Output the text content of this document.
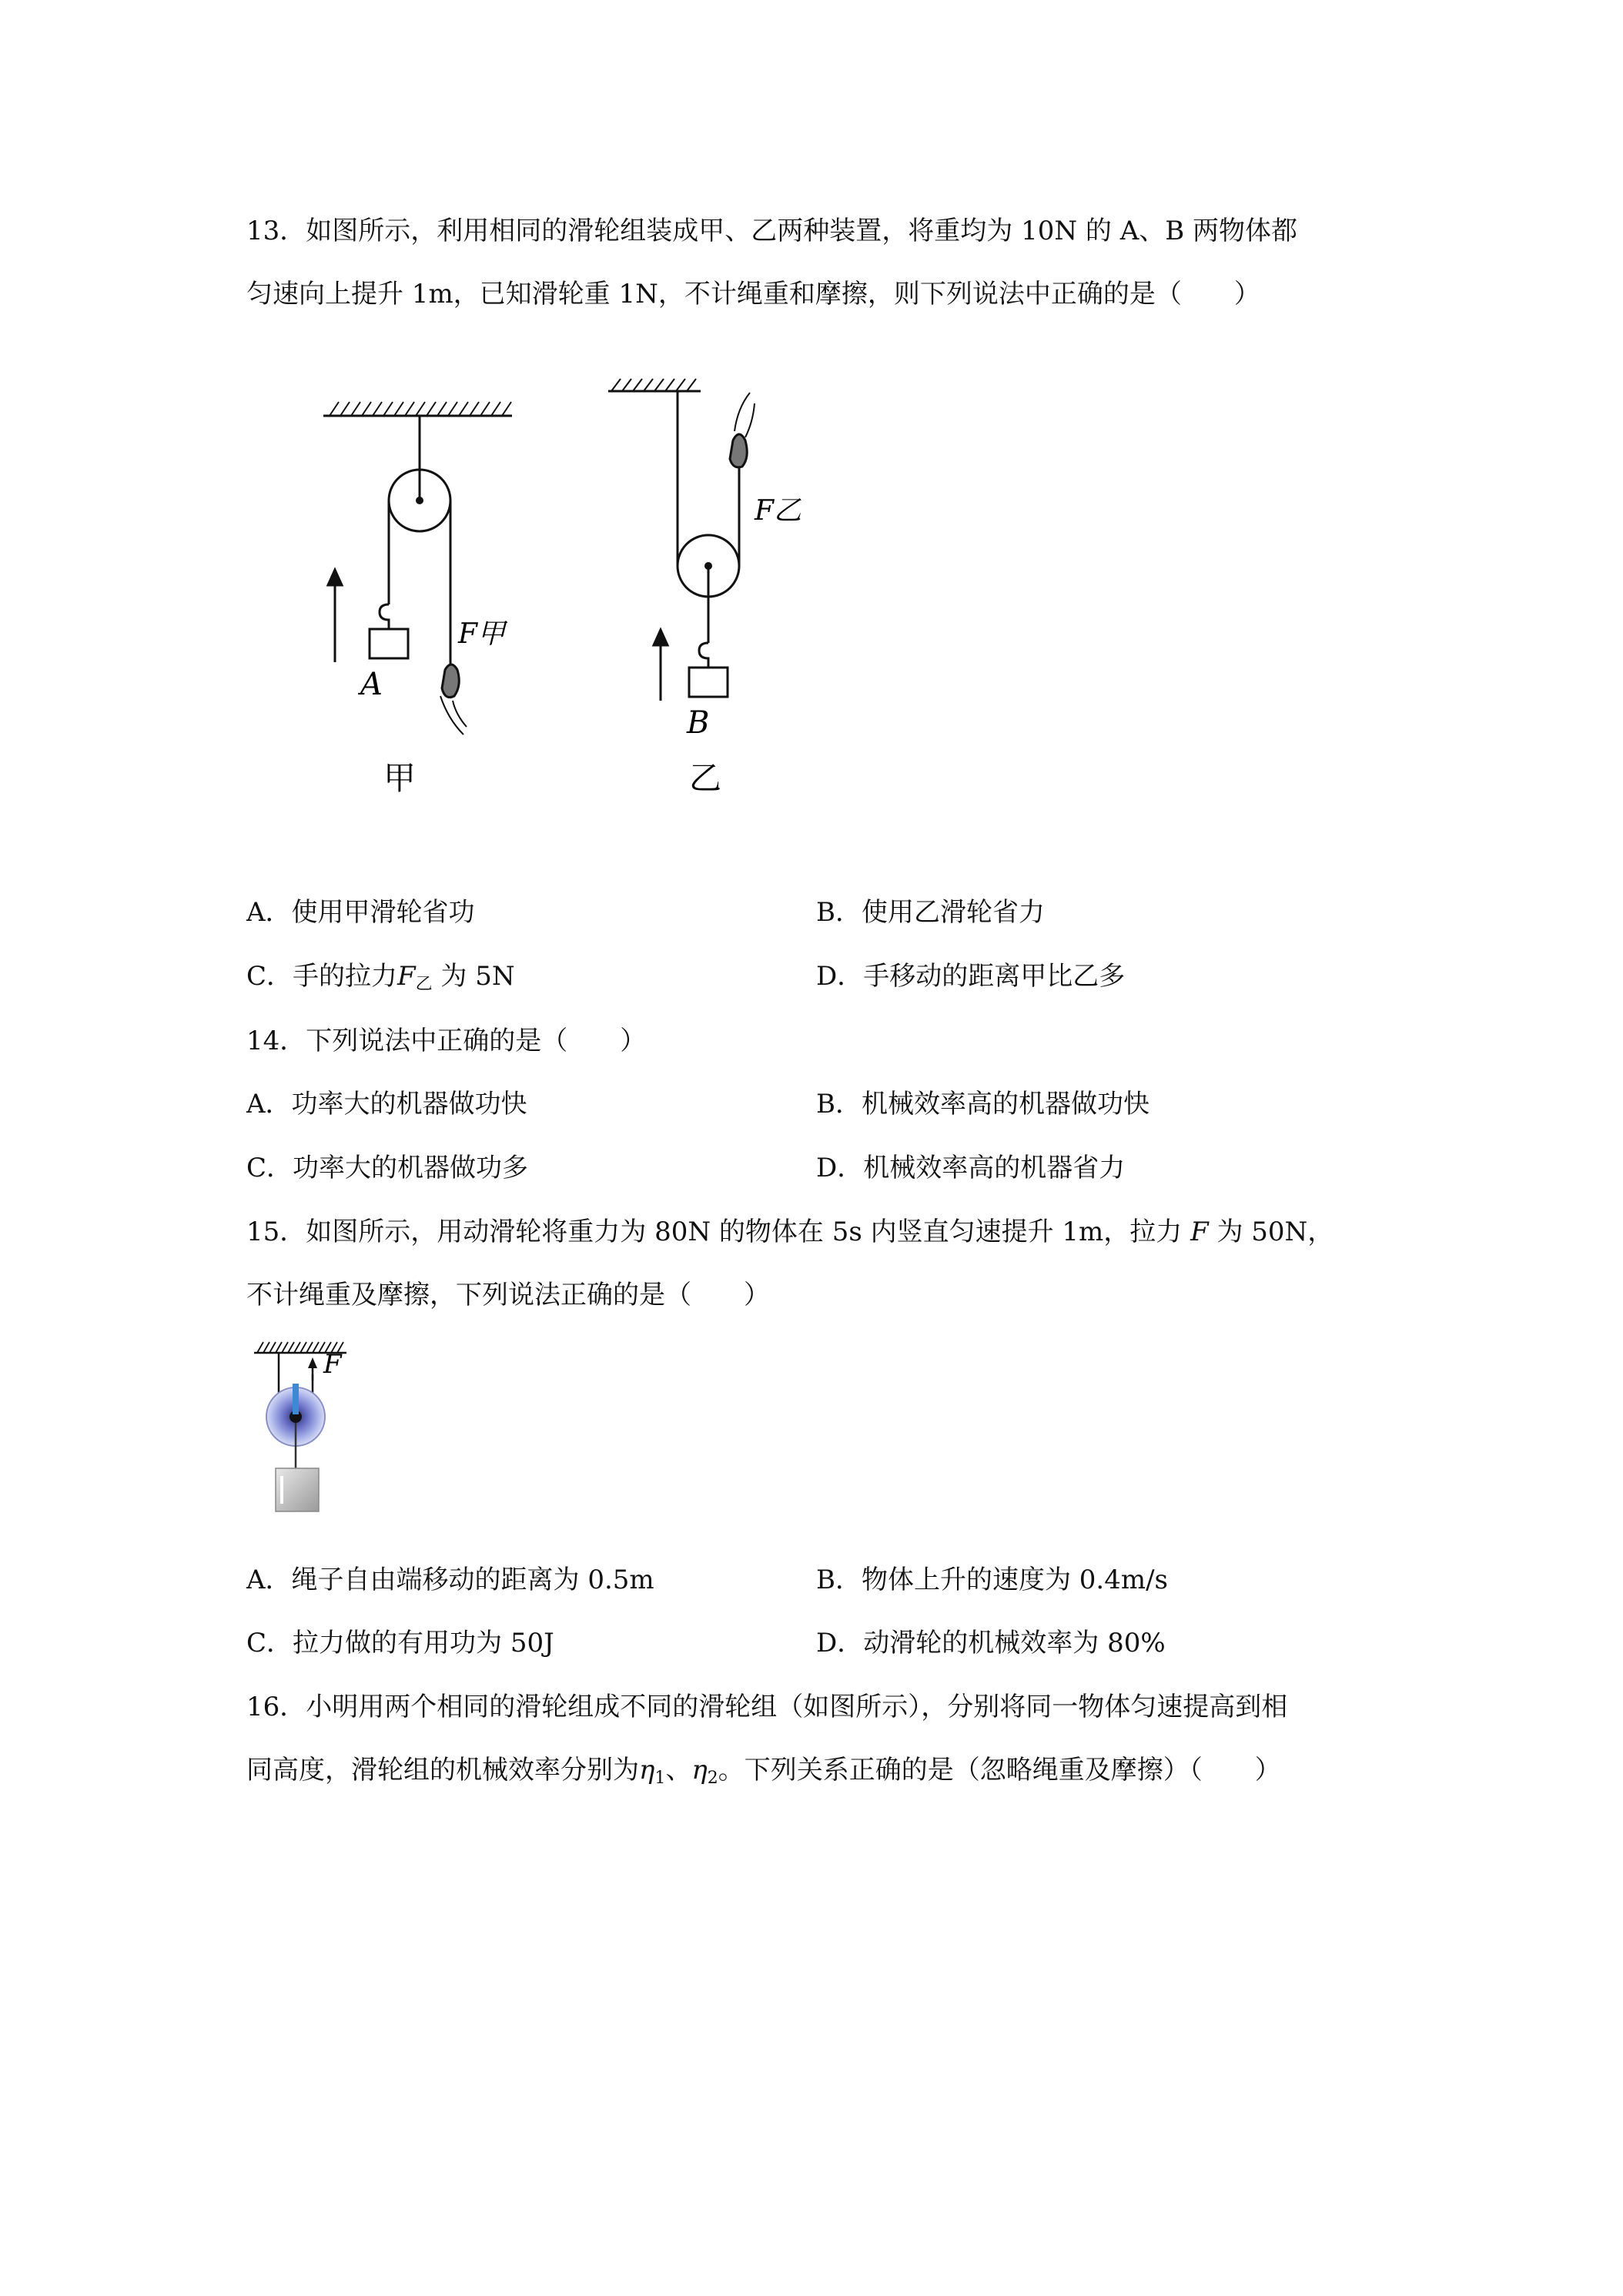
13．如图所示，利用相同的滑轮组装成甲、乙两种装置，将重均为 10N 的 A、B 两物体都
匀速向上提升 1m，已知滑轮重 1N，不计绳重和摩擦，则下列说法中正确的是（　　）
A
F甲
甲
F乙
B
乙
A．使用甲滑轮省功	B．使用乙滑轮省力
C．手的拉力F乙 为 5N	D．手移动的距离甲比乙多
14．下列说法中正确的是（　　）
A．功率大的机器做功快	B．机械效率高的机器做功快
C．功率大的机器做功多	D．机械效率高的机器省力
15．如图所示，用动滑轮将重力为 80N 的物体在 5s 内竖直匀速提升 1m，拉力 F 为 50N，
不计绳重及摩擦，下列说法正确的是（　　）
F
A．绳子自由端移动的距离为 0.5m	B．物体上升的速度为 0.4m/s
C．拉力做的有用功为 50J	D．动滑轮的机械效率为 80%
16．小明用两个相同的滑轮组成不同的滑轮组（如图所示），分别将同一物体匀速提高到相
同高度，滑轮组的机械效率分别为η1、η2。下列关系正确的是（忽略绳重及摩擦）（　　）
